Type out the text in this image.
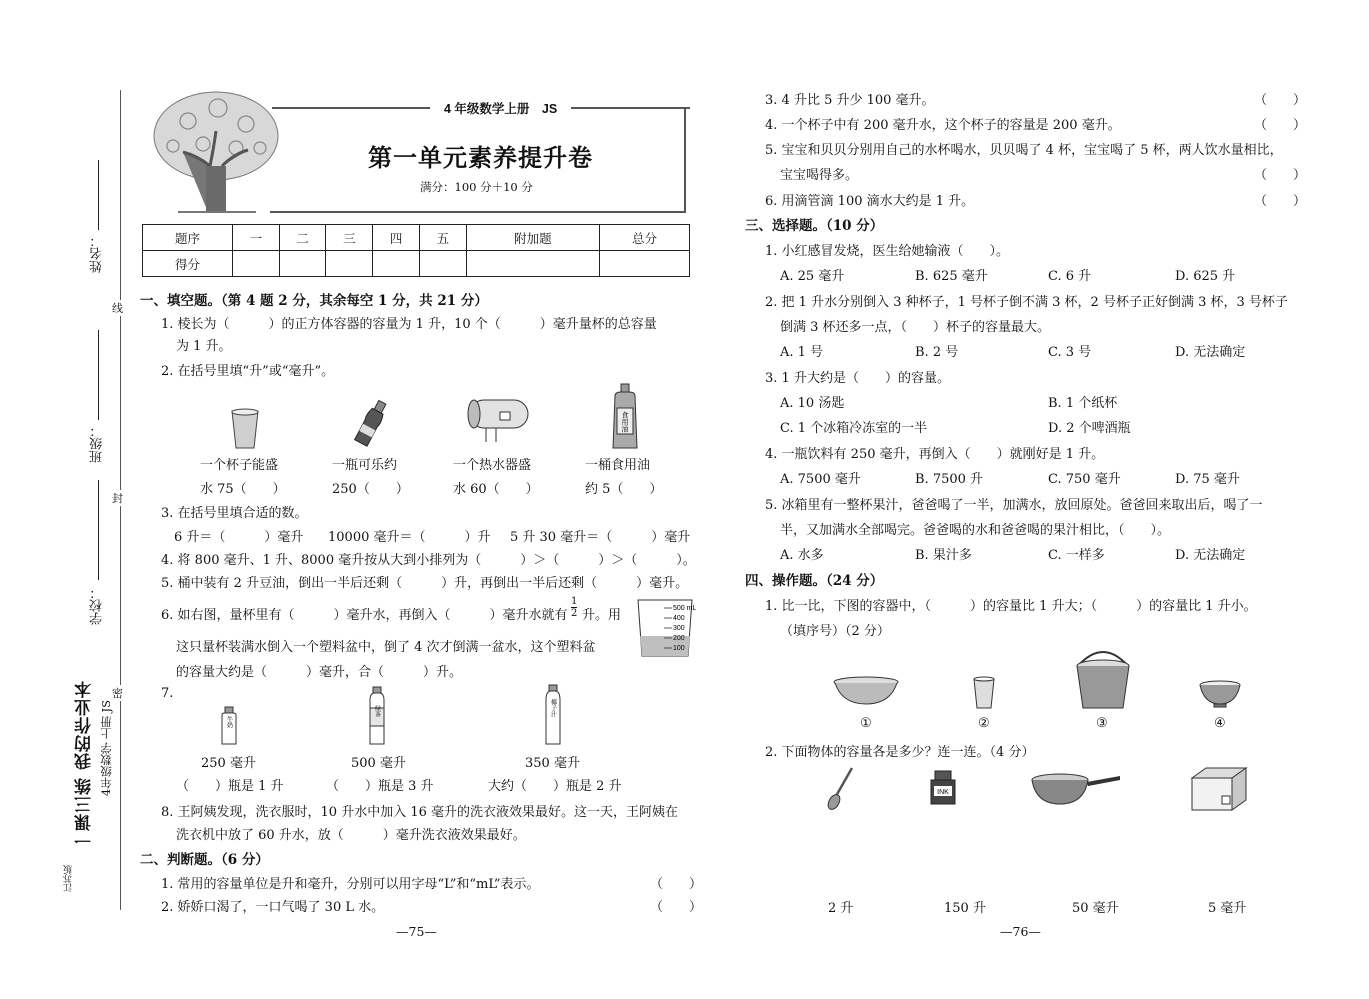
姓名：
班级：
学校：
线
封
密
一课三练 我的作业本 4年级数学 上册 JS
江苏版
4 年级数学上册　JS
第一单元素养提升卷
满分：100 分＋10 分
题序	一	二	三	四	五	附加题	总分
得分							
一、填空题。（第 4 题 2 分，其余每空 1 分，共 21 分）
1. 棱长为（　　　）的正方体容器的容量为 1 升，10 个（　　　）毫升量杯的总容量
为 1 升。
2. 在括号里填“升”或“毫升”。
食用油
一个杯子能盛
水 75（　　）
一瓶可乐约
250（　　）
一个热水器盛
水 60（　　）
一桶食用油
约 5（　　）
3. 在括号里填合适的数。
6 升＝（　　　）毫升 10000 毫升＝（　　　）升 5 升 30 毫升＝（　　　）毫升
4. 将 800 毫升、1 升、8000 毫升按从大到小排列为（　　　）＞（　　　）＞（　　　）。
5. 桶中装有 2 升豆油，倒出一半后还剩（　　　）升，再倒出一半后还剩（　　　）毫升。
6. 如右图，量杯里有（　　　）毫升水，再倒入（　　　）毫升水就有 $\frac{1}{2}$ 升。用
这只量杯装满水倒入一个塑料盆中，倒了 4 次才倒满一盆水，这个塑料盆
的容量大约是（　　　）毫升，合（　　　）升。
500 mL
400
300
200
100
7.
牛奶
绿茶	椰子汁
250 毫升	500 毫升	350 毫升
（　　）瓶是 1 升	（　　）瓶是 3 升	大约（　　）瓶是 2 升
8. 王阿姨发现，洗衣服时，10 升水中加入 16 毫升的洗衣液效果最好。这一天，王阿姨在
洗衣机中放了 60 升水，放（　　　）毫升洗衣液效果最好。
二、判断题。（6 分）
1. 常用的容量单位是升和毫升，分别可以用字母“L”和“mL”表示。	（　　）
2. 娇娇口渴了，一口气喝了 30 L 水。	（　　）
—75—
3. 4 升比 5 升少 100 毫升。	（　　）
4. 一个杯子中有 200 毫升水，这个杯子的容量是 200 毫升。	（　　）
5. 宝宝和贝贝分别用自己的水杯喝水，贝贝喝了 4 杯，宝宝喝了 5 杯，两人饮水量相比，
宝宝喝得多。	（　　）
6. 用滴管滴 100 滴水大约是 1 升。	（　　）
三、选择题。（10 分）
1. 小红感冒发烧，医生给她输液（　　）。
A. 25 毫升	B. 625 毫升	C. 6 升	D. 625 升
2. 把 1 升水分别倒入 3 种杯子，1 号杯子倒不满 3 杯，2 号杯子正好倒满 3 杯，3 号杯子
倒满 3 杯还多一点，（　　）杯子的容量最大。
A. 1 号	B. 2 号	C. 3 号	D. 无法确定
3. 1 升大约是（　　）的容量。
A. 10 汤匙	B. 1 个纸杯
C. 1 个冰箱冷冻室的一半	D. 2 个啤酒瓶
4. 一瓶饮料有 250 毫升，再倒入（　　）就刚好是 1 升。
A. 7500 毫升	B. 7500 升	C. 750 毫升	D. 75 毫升
5. 冰箱里有一整杯果汁，爸爸喝了一半，加满水，放回原处。爸爸回来取出后，喝了一
半，又加满水全部喝完。爸爸喝的水和爸爸喝的果汁相比，（　　）。
A. 水多	B. 果汁多	C. 一样多	D. 无法确定
四、操作题。（24 分）
1. 比一比，下图的容器中，（　　　）的容量比 1 升大；（　　　）的容量比 1 升小。
（填序号）（2 分）
①	②	③	④
2. 下面物体的容量各是多少？连一连。（4 分）
INK
2 升	150 升	50 毫升	5 毫升
—76—
